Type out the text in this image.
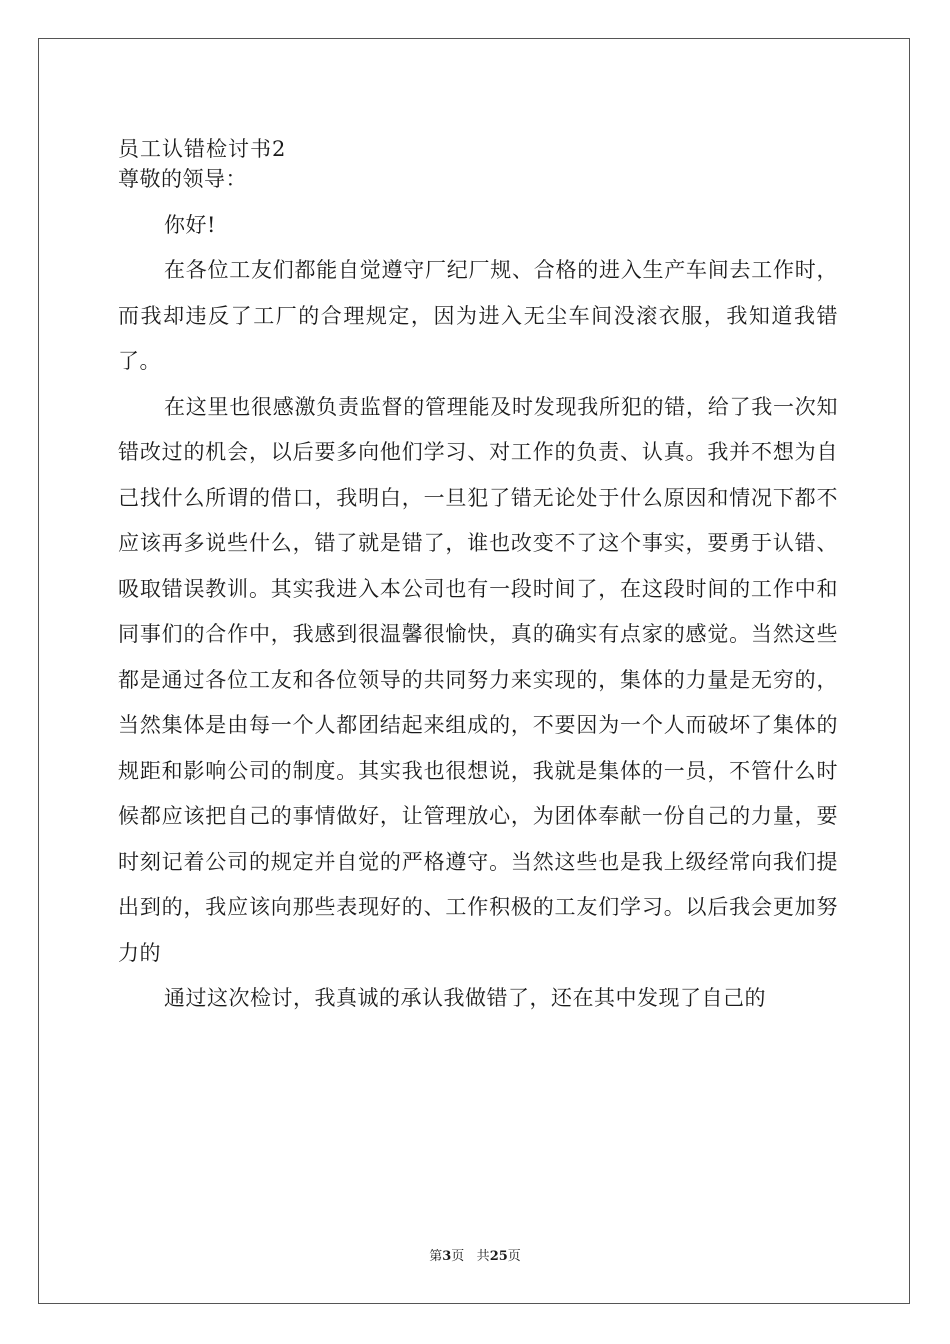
员工认错检讨书2

尊敬的领导：

你好!

在各位工友们都能自觉遵守厂纪厂规、合格的进入生产车间去工作时，而我却违反了工厂的合理规定，因为进入无尘车间没滚衣服，我知道我错了。

在这里也很感激负责监督的管理能及时发现我所犯的错，给了我一次知错改过的机会，以后要多向他们学习、对工作的负责、认真。我并不想为自己找什么所谓的借口，我明白，一旦犯了错无论处于什么原因和情况下都不应该再多说些什么，错了就是错了，谁也改变不了这个事实，要勇于认错、吸取错误教训。其实我进入本公司也有一段时间了，在这段时间的工作中和同事们的合作中，我感到很温馨很愉快，真的确实有点家的感觉。当然这些都是通过各位工友和各位领导的共同努力来实现的，集体的力量是无穷的，当然集体是由每一个人都团结起来组成的，不要因为一个人而破坏了集体的规距和影响公司的制度。其实我也很想说，我就是集体的一员，不管什么时候都应该把自己的事情做好，让管理放心，为团体奉献一份自己的力量，要时刻记着公司的规定并自觉的严格遵守。当然这些也是我上级经常向我们提出到的，我应该向那些表现好的、工作积极的工友们学习。以后我会更加努力的

通过这次检讨，我真诚的承认我做错了，还在其中发现了自己的

第3页 共25页
